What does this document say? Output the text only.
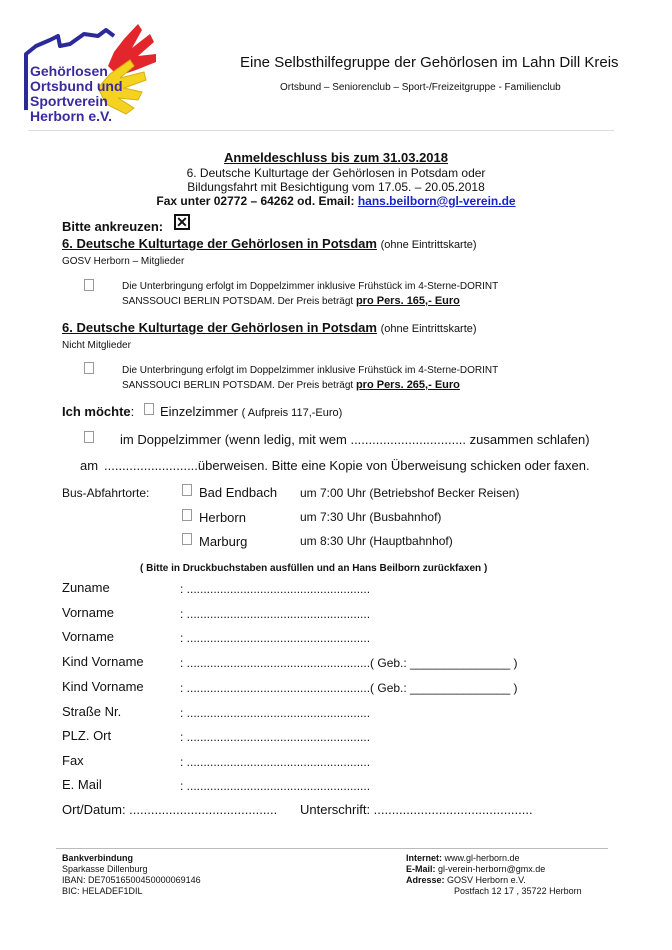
Gehörlosen
Ortsbund und
Sportverein
Herborn e.V.
Eine Selbsthilfegruppe der Gehörlosen im Lahn Dill Kreis
Ortsbund – Seniorenclub – Sport-/Freizeitgruppe - Familienclub
Anmeldeschluss bis zum 31.03.2018
6. Deutsche Kulturtage der Gehörlosen in Potsdam oder
Bildungsfahrt mit Besichtigung vom 17.05. – 20.05.2018
Fax unter 02772 – 64262 od. Email: hans.beilborn@gl-verein.de
Bitte ankreuzen: ✕
6. Deutsche Kulturtage der Gehörlosen in Potsdam (ohne Eintrittskarte)
GOSV Herborn – Mitglieder
Die Unterbringung erfolgt im Doppelzimmer inklusive Frühstück im 4-Sterne-DORINT
SANSSOUCI BERLIN POTSDAM. Der Preis beträgt pro Pers. 165,- Euro
6. Deutsche Kulturtage der Gehörlosen in Potsdam (ohne Eintrittskarte)
Nicht Mitglieder
Die Unterbringung erfolgt im Doppelzimmer inklusive Frühstück im 4-Sterne-DORINT
SANSSOUCI BERLIN POTSDAM. Der Preis beträgt pro Pers. 265,- Euro
Ich möchte: Einzelzimmer ( Aufpreis 117,-Euro)
im Doppelzimmer (wenn ledig, mit wem ................................ zusammen schlafen)
am ..........................überweisen. Bitte eine Kopie von Überweisung schicken oder faxen.
Bus-Abfahrtorte:	Bad Endbach um 7:00 Uhr (Betriebshof Becker Reisen)
Herborn	um 7:30 Uhr (Busbahnhof)
Marburg	um 8:30 Uhr (Hauptbahnhof)
( Bitte in Druckbuchstaben ausfüllen und an Hans Beilborn zurückfaxen )
Zuname	: .......................................................
Vorname	: .......................................................
Vorname	: .......................................................
Kind Vorname	: .......................................................( Geb.: _______________ )
Kind Vorname	: .......................................................( Geb.: _______________ )
Straße Nr.	: .......................................................
PLZ. Ort	: .......................................................
Fax	: .......................................................
E. Mail	: .......................................................
Ort/Datum: ......................................... Unterschrift: ............................................
Bankverbindung
Sparkasse Dillenburg
IBAN: DE70516500450000069146
BIC: HELADEF1DIL
Internet: www.gl-herborn.de
E-Mail: gl-verein-herborn@gmx.de
Adresse: GOSV Herborn e.V.
Postfach 12 17 , 35722 Herborn
